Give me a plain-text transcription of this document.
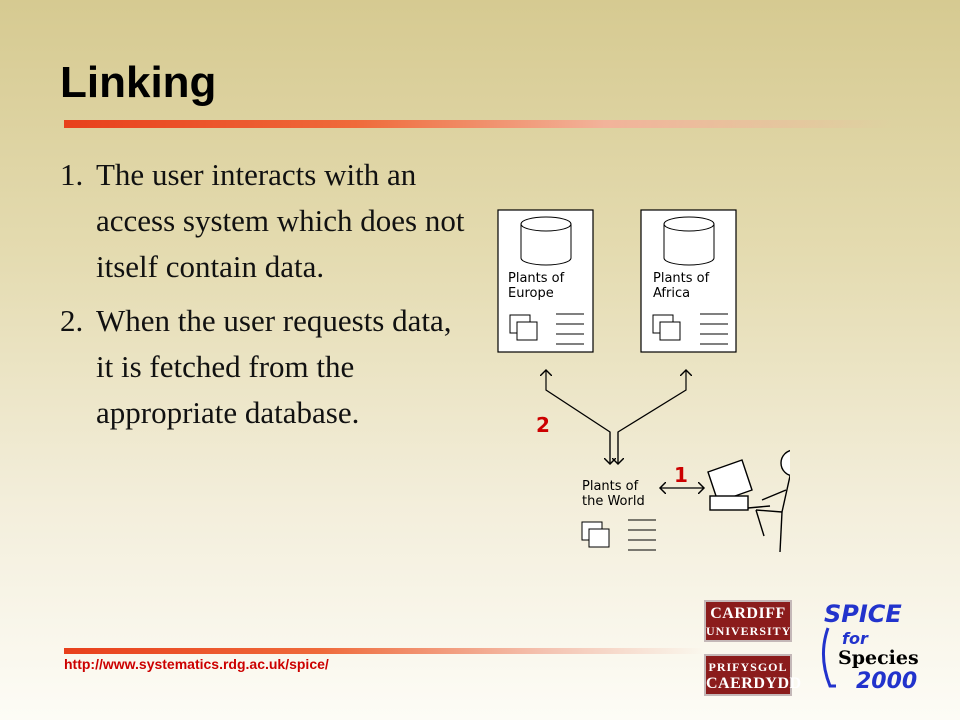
Linking
1. The user interacts with an access system which does not itself contain data.
2. When the user requests data, it is fetched from the appropriate database.
Plants of
Europe
Plants of
Africa
2
Plants of
the World
1
http://www.systematics.rdg.ac.uk/spice/
CARDIFF
UNIVERSITY
PRIFYSGOL
CAERDYDD
SPICE
for
Species
2000
